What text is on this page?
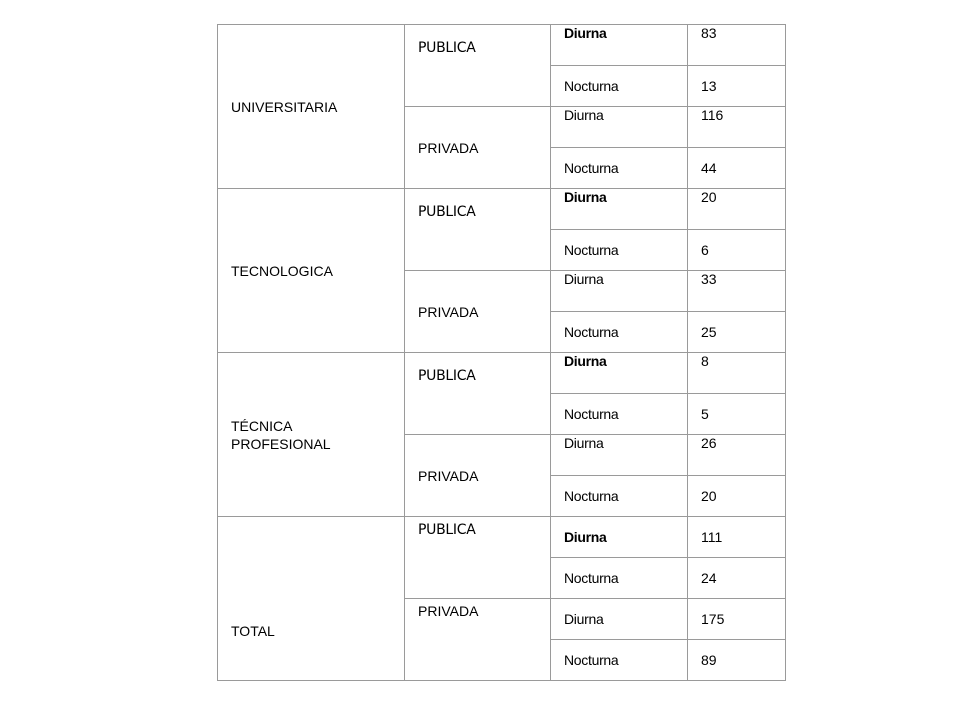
UNIVERSITARIA	PUBLICA	Diurna	83
		Nocturna	13
	PRIVADA	Diurna	116
		Nocturna	44

TECNOLOGICA	PUBLICA	Diurna	20
		Nocturna	6
	PRIVADA	Diurna	33
		Nocturna	25

TÉCNICA PROFESIONAL	PUBLICA	Diurna	8
		Nocturna	5
	PRIVADA	Diurna	26
		Nocturna	20

TOTAL	PUBLICA	Diurna	111
		Nocturna	24
	PRIVADA	Diurna	175
		Nocturna	89
